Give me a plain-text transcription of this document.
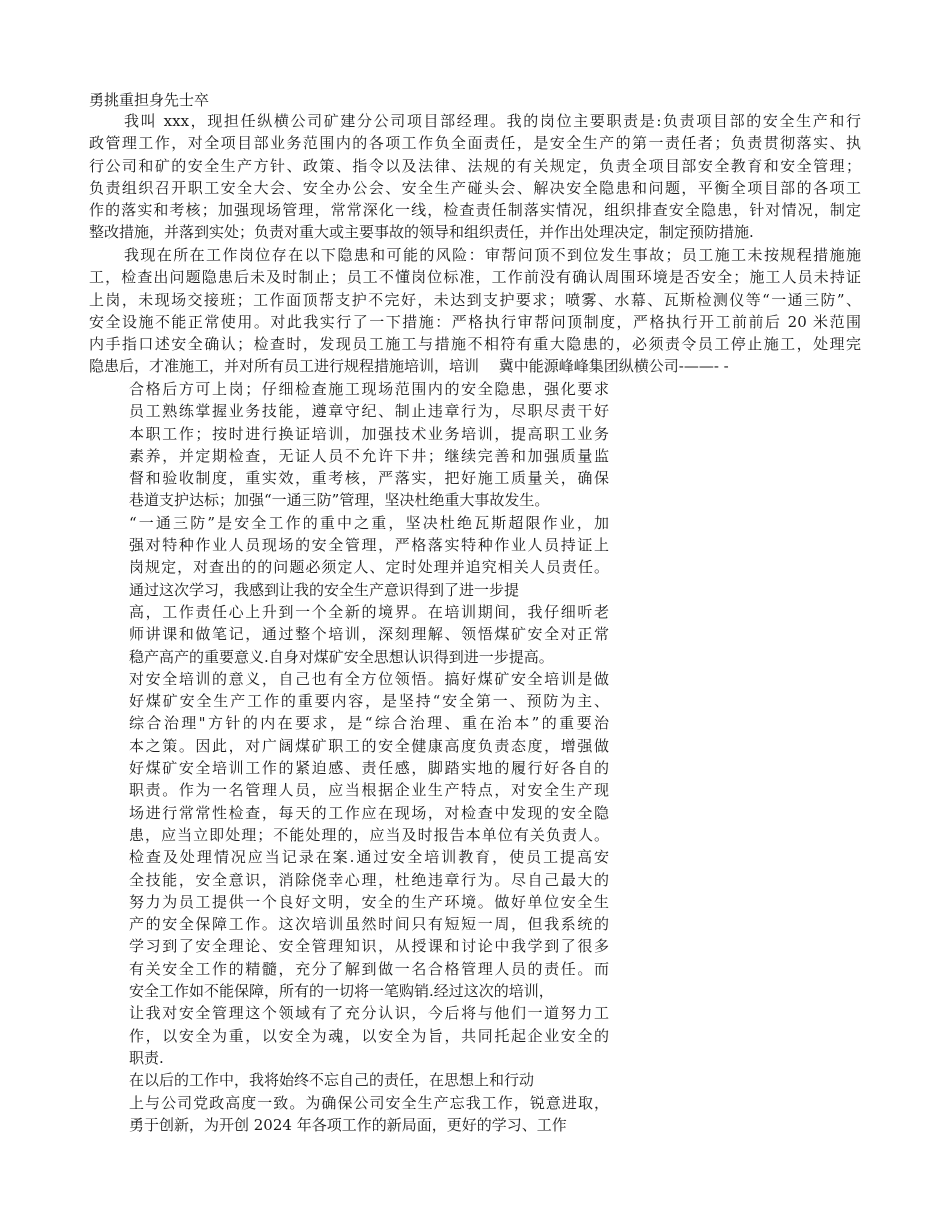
勇挑重担身先士卒
我叫 xxx，现担任纵横公司矿建分公司项目部经理。我的岗位主要职责是:负责项目部的安全生产和行
政管理工作，对全项目部业务范围内的各项工作负全面责任，是安全生产的第一责任者；负责贯彻落实、执
行公司和矿的安全生产方针、政策、指令以及法律、法规的有关规定，负责全项目部安全教育和安全管理；
负责组织召开职工安全大会、安全办公会、安全生产碰头会、解决安全隐患和问题，平衡全项目部的各项工
作的落实和考核；加强现场管理，常常深化一线，检查责任制落实情况，组织排查安全隐患，针对情况，制定
整改措施，并落到实处；负责对重大或主要事故的领导和组织责任，并作出处理决定，制定预防措施.
我现在所在工作岗位存在以下隐患和可能的风险：审帮问顶不到位发生事故；员工施工未按规程措施施
工，检查出问题隐患后未及时制止；员工不懂岗位标准，工作前没有确认周围环境是否安全；施工人员未持证
上岗，未现场交接班；工作面顶帮支护不完好，未达到支护要求；喷雾、水幕、瓦斯检测仪等“一通三防”、
安全设施不能正常使用。对此我实行了一下措施：严格执行审帮问顶制度，严格执行开工前前后 20 米范围
内手指口述安全确认；检查时，发现员工施工与措施不相符有重大隐患的，必须责令员工停止施工，处理完
隐患后，才准施工，并对所有员工进行规程措施培训，培训　 冀中能源峰峰集团纵横公司-——- -
合格后方可上岗；仔细检查施工现场范围内的安全隐患，强化要求
员工熟练掌握业务技能，遵章守纪、制止违章行为，尽职尽责干好
本职工作；按时进行换证培训，加强技术业务培训，提高职工业务
素养，并定期检查，无证人员不允许下井；继续完善和加强质量监
督和验收制度，重实效，重考核，严落实，把好施工质量关，确保
巷道支护达标；加强“一通三防”管理，坚决杜绝重大事故发生。
“一通三防”是安全工作的重中之重，坚决杜绝瓦斯超限作业，加
强对特种作业人员现场的安全管理，严格落实特种作业人员持证上
岗规定，对查出的的问题必须定人、定时处理并追究相关人员责任。
通过这次学习，我感到让我的安全生产意识得到了进一步提
高，工作责任心上升到一个全新的境界。在培训期间，我仔细听老
师讲课和做笔记，通过整个培训，深刻理解、领悟煤矿安全对正常
稳产高产的重要意义.自身对煤矿安全思想认识得到进一步提高。
对安全培训的意义，自己也有全方位领悟。搞好煤矿安全培训是做
好煤矿安全生产工作的重要内容，是坚持“安全第一、预防为主、
综合治理"方针的内在要求，是“综合治理、重在治本”的重要治
本之策。因此，对广阔煤矿职工的安全健康高度负责态度，增强做
好煤矿安全培训工作的紧迫感、责任感，脚踏实地的履行好各自的
职责。作为一名管理人员，应当根据企业生产特点，对安全生产现
场进行常常性检查，每天的工作应在现场，对检查中发现的安全隐
患，应当立即处理；不能处理的，应当及时报告本单位有关负责人。
检查及处理情况应当记录在案.通过安全培训教育，使员工提高安
全技能，安全意识，消除侥幸心理，杜绝违章行为。尽自己最大的
努力为员工提供一个良好文明，安全的生产环境。做好单位安全生
产的安全保障工作。这次培训虽然时间只有短短一周，但我系统的
学习到了安全理论、安全管理知识，从授课和讨论中我学到了很多
有关安全工作的精髓，充分了解到做一名合格管理人员的责任。而
安全工作如不能保障，所有的一切将一笔购销.经过这次的培训，
让我对安全管理这个领域有了充分认识，今后将与他们一道努力工
作，以安全为重，以安全为魂，以安全为旨，共同托起企业安全的
职责.
在以后的工作中，我将始终不忘自己的责任，在思想上和行动
上与公司党政高度一致。为确保公司安全生产忘我工作，锐意进取，
勇于创新，为开创 2024 年各项工作的新局面，更好的学习、工作
